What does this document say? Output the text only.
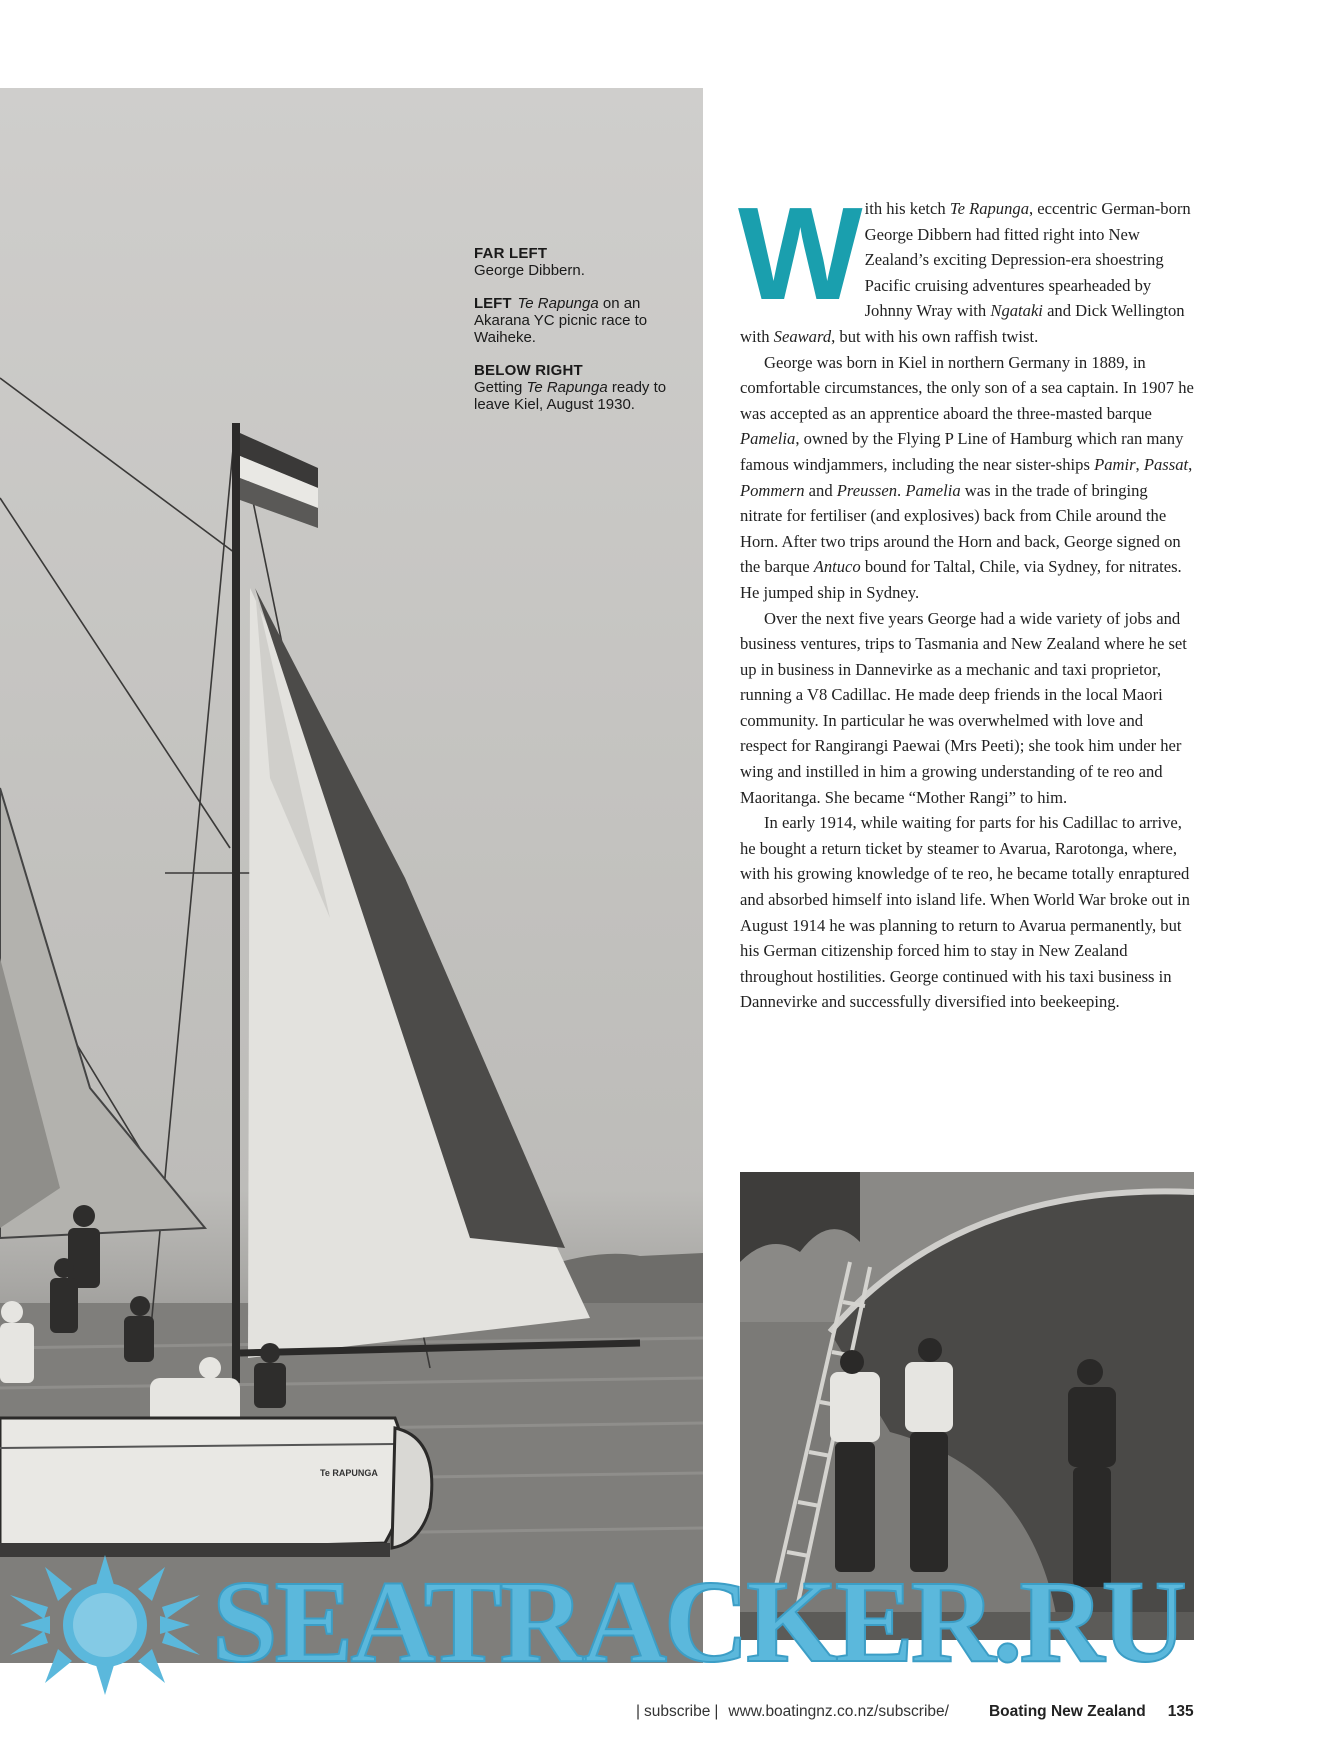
Te RAPUNGA
FAR LEFT
George Dibbern.
LEFT Te Rapunga on an Akarana YC picnic race to Waiheke.
BELOW RIGHT
Getting Te Rapunga ready to leave Kiel, August 1930.

With his ketch Te Rapunga, eccentric German-born George Dibbern had fitted right into New Zealand’s exciting Depression-era shoestring Pacific cruising adventures spearheaded by Johnny Wray with Ngataki and Dick Wellington with Seaward, but with his own raffish twist.

George was born in Kiel in northern Germany in 1889, in comfortable circumstances, the only son of a sea captain. In 1907 he was accepted as an apprentice aboard the three-masted barque Pamelia, owned by the Flying P Line of Hamburg which ran many famous windjammers, including the near sister-ships Pamir, Passat, Pommern and Preussen. Pamelia was in the trade of bringing nitrate for fertiliser (and explosives) back from Chile around the Horn. After two trips around the Horn and back, George signed on the barque Antuco bound for Taltal, Chile, via Sydney, for nitrates. He jumped ship in Sydney.

Over the next five years George had a wide variety of jobs and business ventures, trips to Tasmania and New Zealand where he set up in business in Dannevirke as a mechanic and taxi proprietor, running a V8 Cadillac. He made deep friends in the local Maori community. In particular he was overwhelmed with love and respect for Rangirangi Paewai (Mrs Peeti); she took him under her wing and instilled in him a growing understanding of te reo and Maoritanga. She became “Mother Rangi” to him.

In early 1914, while waiting for parts for his Cadillac to arrive, he bought a return ticket by steamer to Avarua, Rarotonga, where, with his growing knowledge of te reo, he became totally enraptured and absorbed himself into island life. When World War broke out in August 1914 he was planning to return to Avarua permanently, but his German citizenship forced him to stay in New Zealand throughout hostilities. George continued with his taxi business in Dannevirke and successfully diversified into beekeeping.

SEATRACKER.RU
| subscribe | www.boatingnz.co.nz/subscribe/	Boating New Zealand 135
